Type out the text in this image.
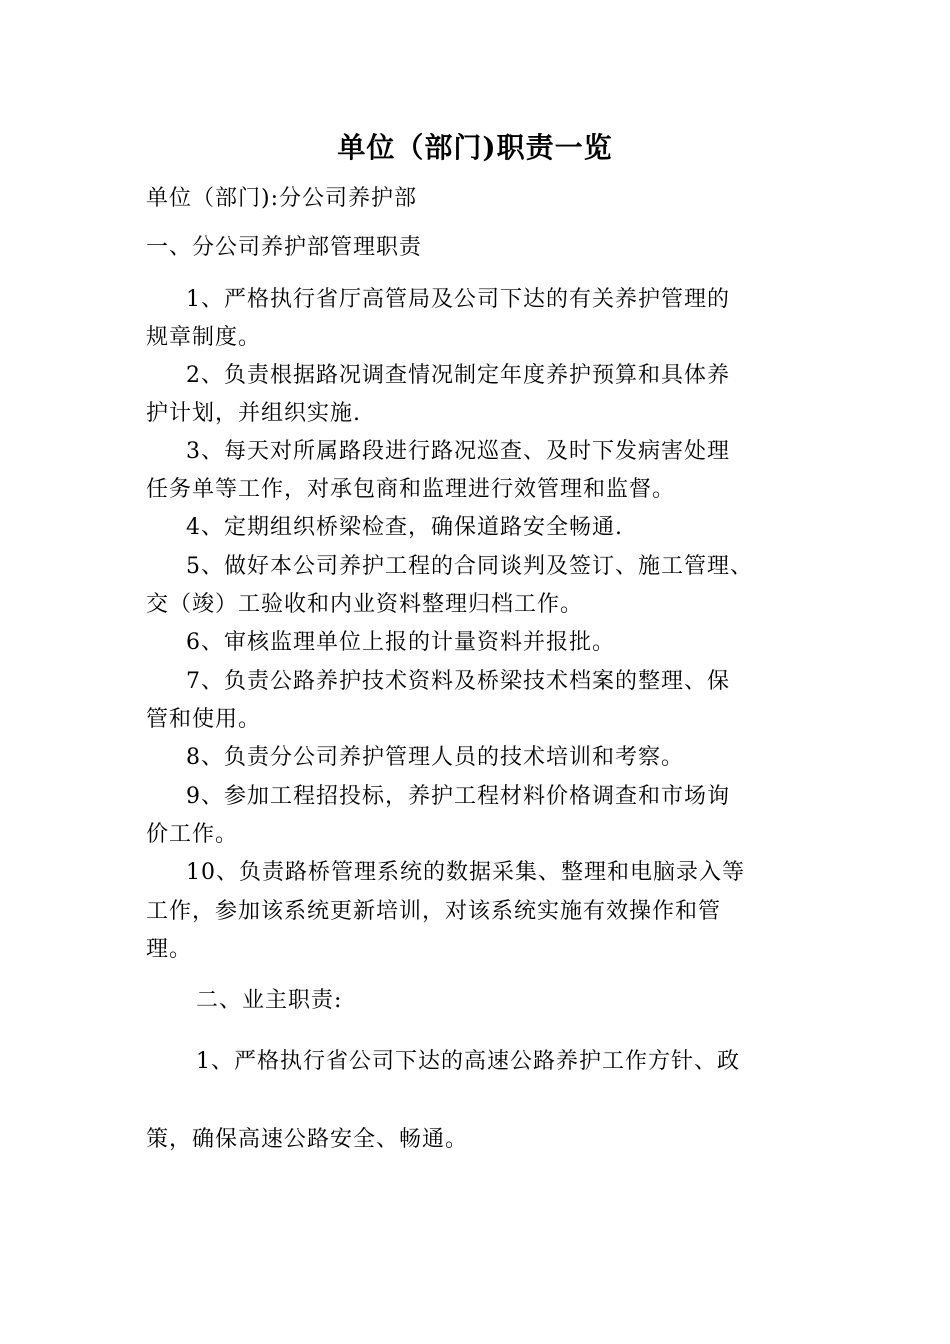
单位（部门)职责一览
单位（部门):分公司养护部
一、分公司养护部管理职责
1、严格执行省厅高管局及公司下达的有关养护管理的
规章制度。
2、负责根据路况调查情况制定年度养护预算和具体养
护计划，并组织实施.
3、每天对所属路段进行路况巡查、及时下发病害处理
任务单等工作，对承包商和监理进行效管理和监督。
4、定期组织桥梁检查，确保道路安全畅通.
5、做好本公司养护工程的合同谈判及签订、施工管理、
交（竣）工验收和内业资料整理归档工作。
6、审核监理单位上报的计量资料并报批。
7、负责公路养护技术资料及桥梁技术档案的整理、保
管和使用。
8、负责分公司养护管理人员的技术培训和考察。
9、参加工程招投标，养护工程材料价格调查和市场询
价工作。
10、负责路桥管理系统的数据采集、整理和电脑录入等
工作，参加该系统更新培训，对该系统实施有效操作和管
理。
二、业主职责:
1、严格执行省公司下达的高速公路养护工作方针、政
策，确保高速公路安全、畅通。
